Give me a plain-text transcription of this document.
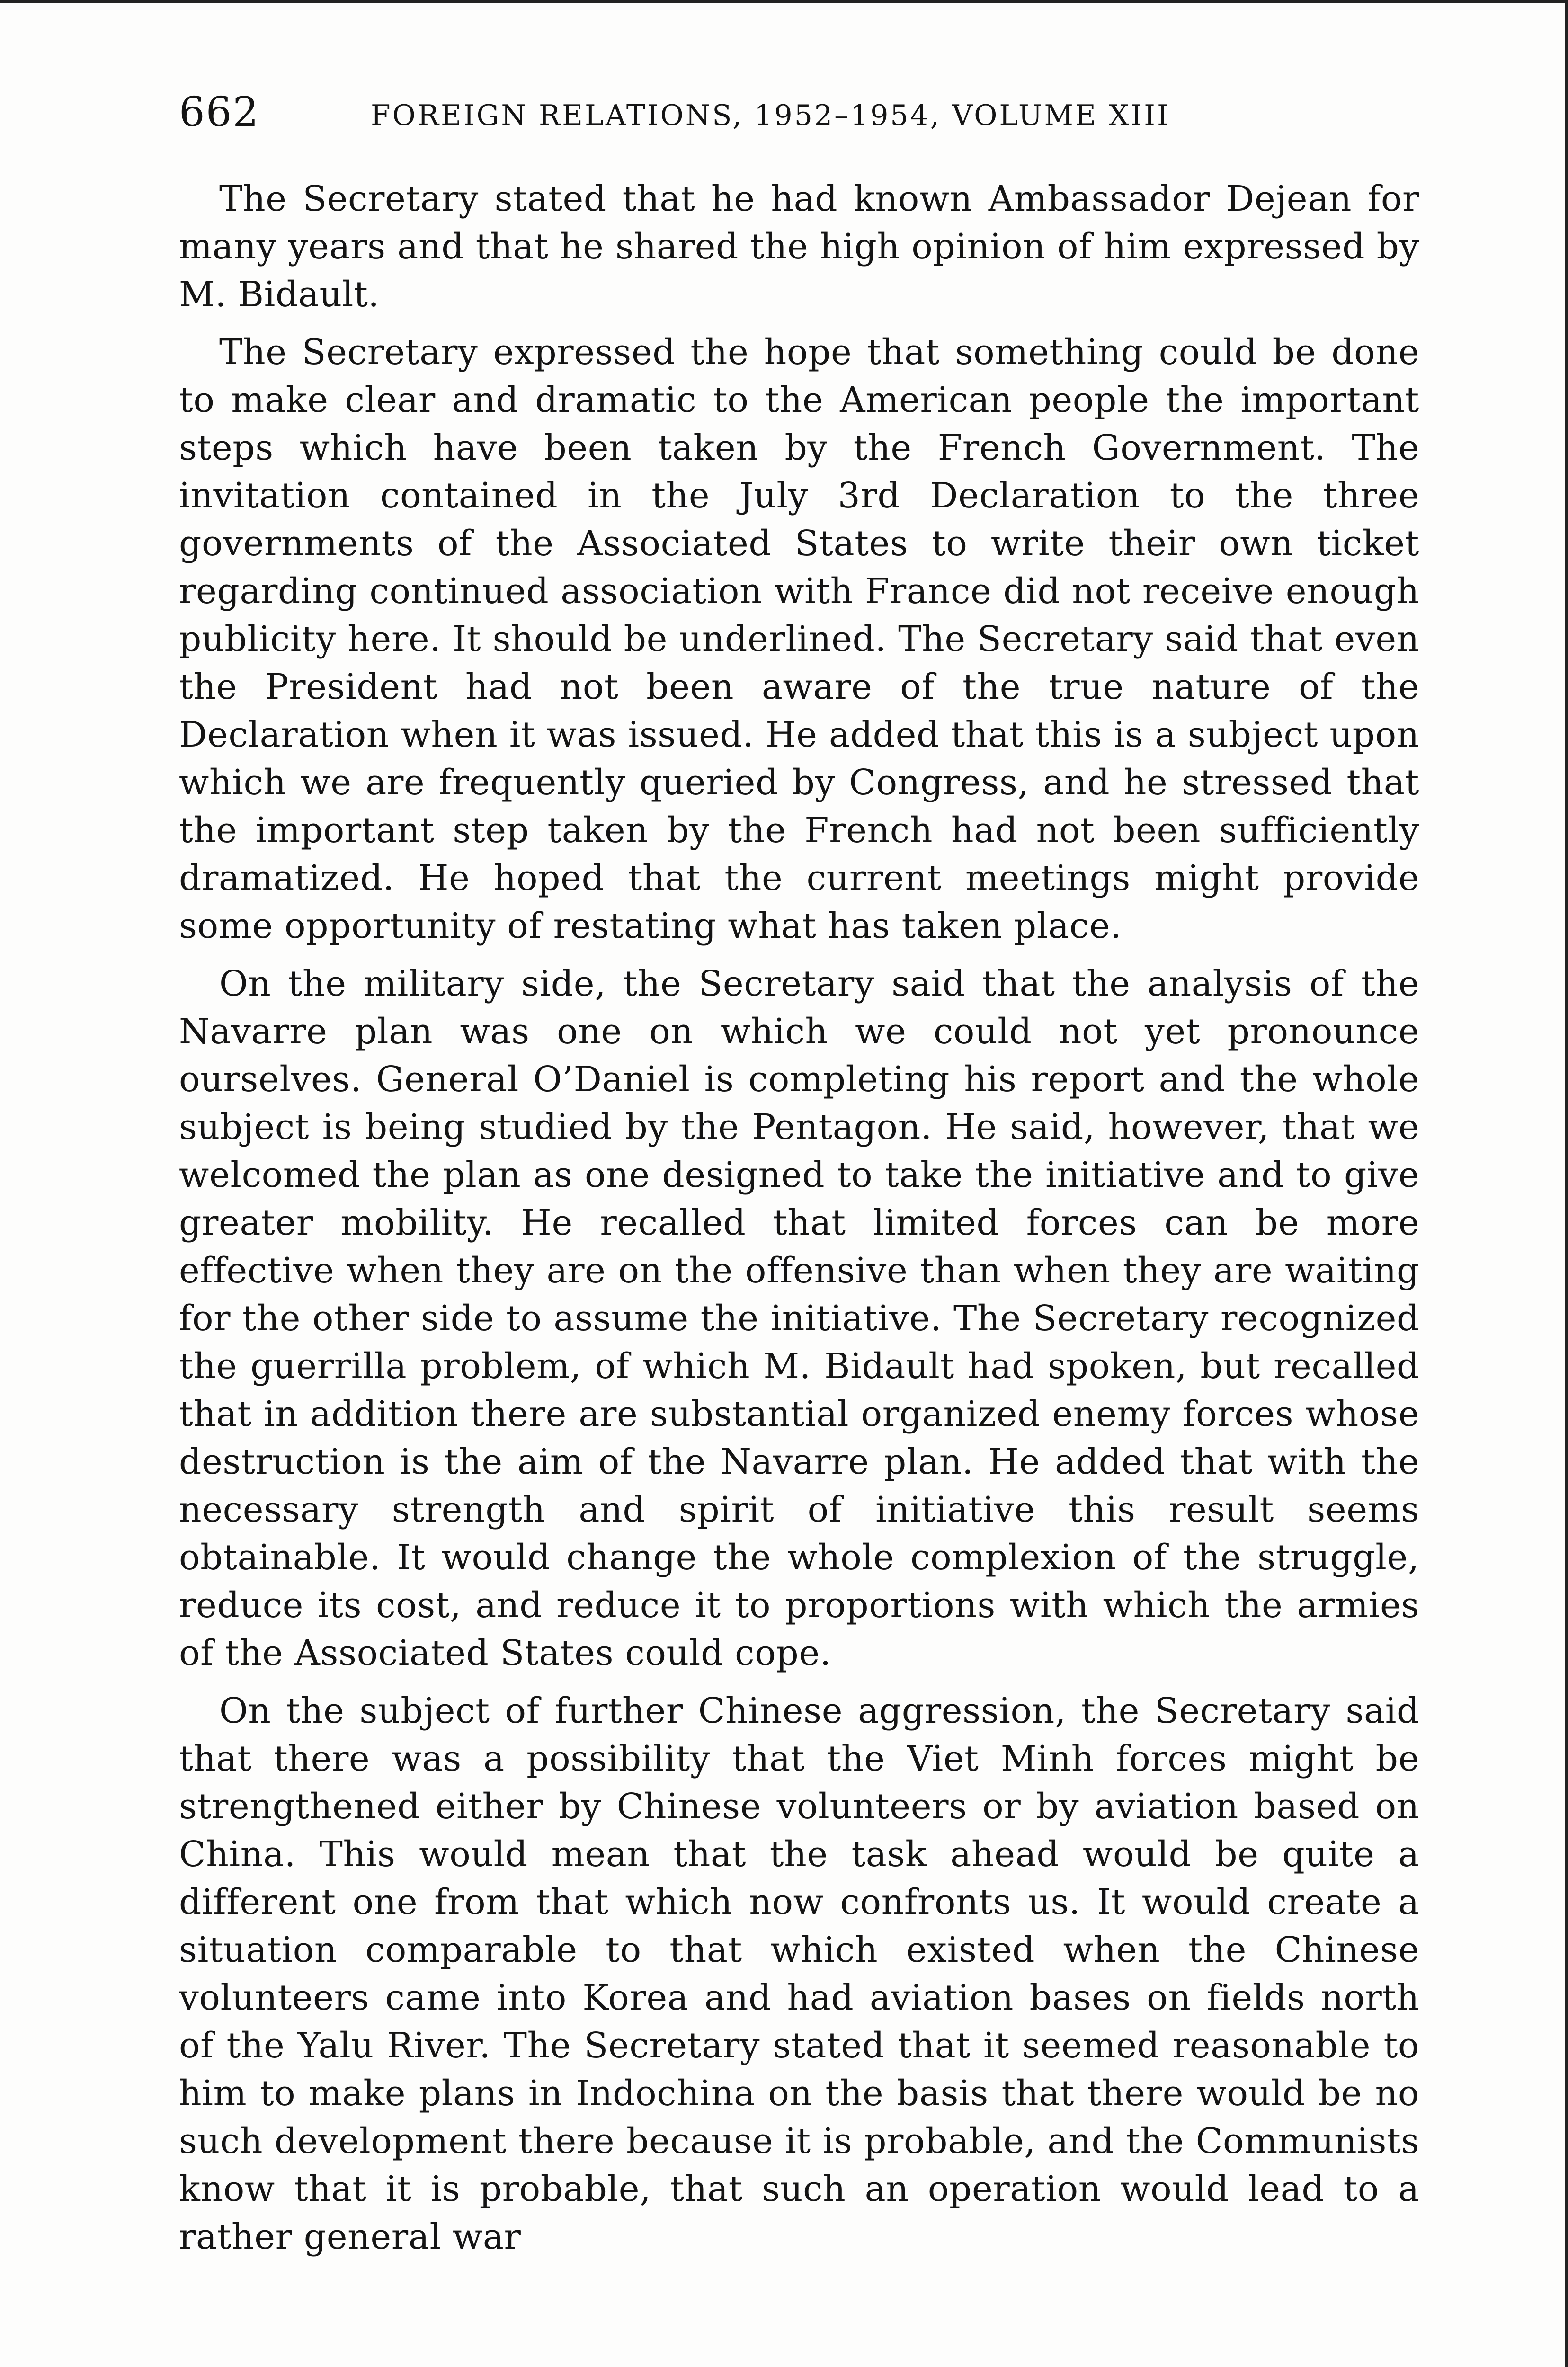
662	FOREIGN RELATIONS, 1952–1954, VOLUME XIII

The Secretary stated that he had known Ambassador Dejean for many years and that he shared the high opinion of him expressed by M. Bidault.

The Secretary expressed the hope that something could be done to make clear and dramatic to the American people the important steps which have been taken by the French Government. The invitation contained in the July 3rd Declaration to the three governments of the Associated States to write their own ticket regarding continued association with France did not receive enough publicity here. It should be underlined. The Secretary said that even the President had not been aware of the true nature of the Declaration when it was issued. He added that this is a subject upon which we are frequently queried by Congress, and he stressed that the important step taken by the French had not been sufficiently dramatized. He hoped that the current meetings might provide some opportunity of restating what has taken place.

On the military side, the Secretary said that the analysis of the Navarre plan was one on which we could not yet pronounce ourselves. General O’Daniel is completing his report and the whole subject is being studied by the Pentagon. He said, however, that we welcomed the plan as one designed to take the initiative and to give greater mobility. He recalled that limited forces can be more effective when they are on the offensive than when they are waiting for the other side to assume the initiative. The Secretary recognized the guerrilla problem, of which M. Bidault had spoken, but recalled that in addition there are substantial organized enemy forces whose destruction is the aim of the Navarre plan. He added that with the necessary strength and spirit of initiative this result seems obtainable. It would change the whole complexion of the struggle, reduce its cost, and reduce it to proportions with which the armies of the Associated States could cope.

On the subject of further Chinese aggression, the Secretary said that there was a possibility that the Viet Minh forces might be strengthened either by Chinese volunteers or by aviation based on China. This would mean that the task ahead would be quite a different one from that which now confronts us. It would create a situation comparable to that which existed when the Chinese volunteers came into Korea and had aviation bases on fields north of the Yalu River. The Secretary stated that it seemed reasonable to him to make plans in Indochina on the basis that there would be no such development there because it is probable, and the Communists know that it is probable, that such an operation would lead to a rather general war
